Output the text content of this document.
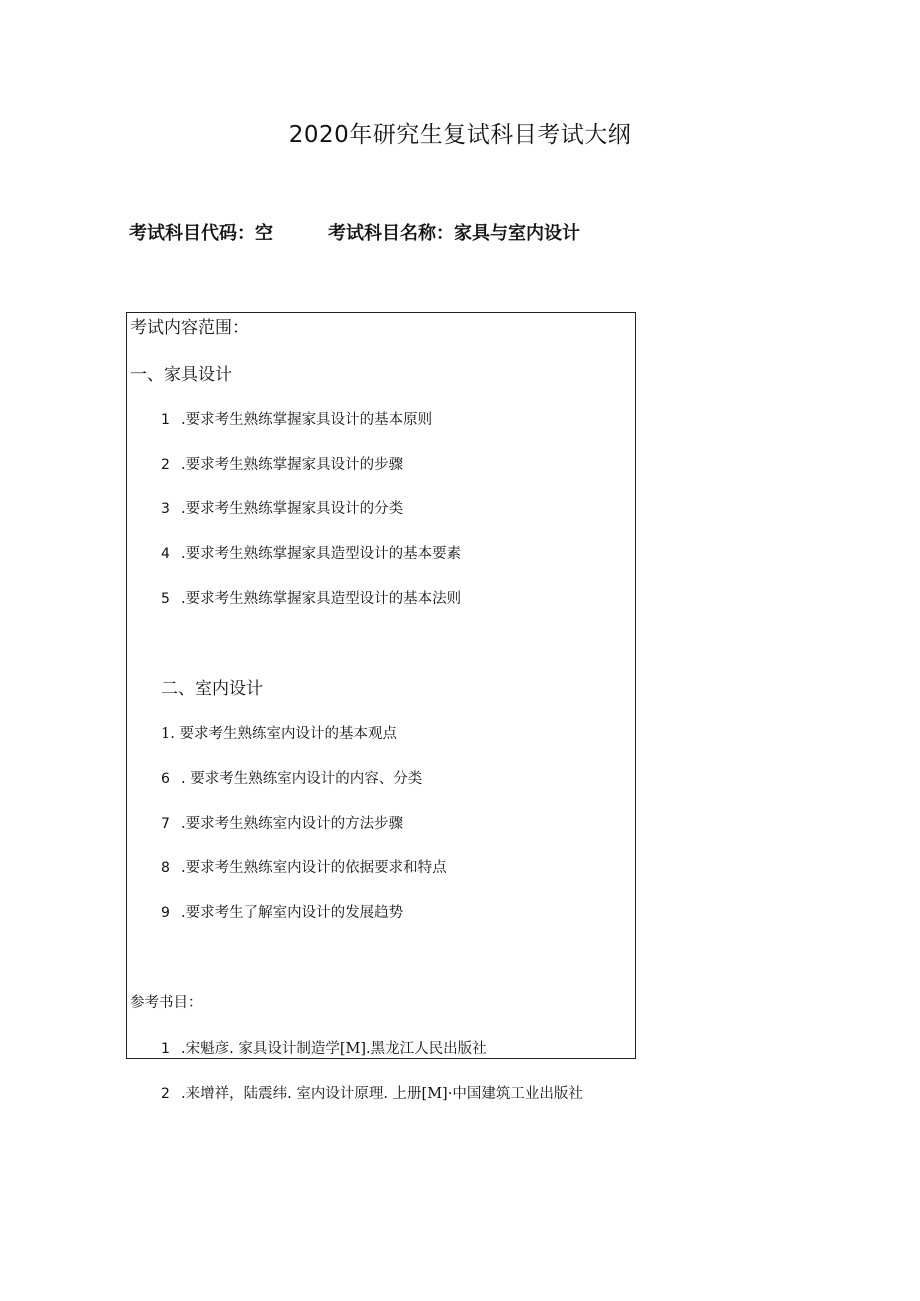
2020年研究生复试科目考试大纲
考试科目代码：空	考试科目名称：家具与室内设计
考试内容范围：
一、家具设计
1 .要求考生熟练掌握家具设计的基本原则
2 .要求考生熟练掌握家具设计的步骤
3 .要求考生熟练掌握家具设计的分类
4 .要求考生熟练掌握家具造型设计的基本要素
5 .要求考生熟练掌握家具造型设计的基本法则
二、室内设计
1. 要求考生熟练室内设计的基本观点
6 . 要求考生熟练室内设计的内容、分类
7 .要求考生熟练室内设计的方法步骤
8 .要求考生熟练室内设计的依据要求和特点
9 .要求考生了解室内设计的发展趋势
参考书目：
1 .宋魁彦. 家具设计制造学[M].黑龙江人民出版社
2 .来增祥，陆震纬. 室内设计原理. 上册[M]·中国建筑工业出版社
